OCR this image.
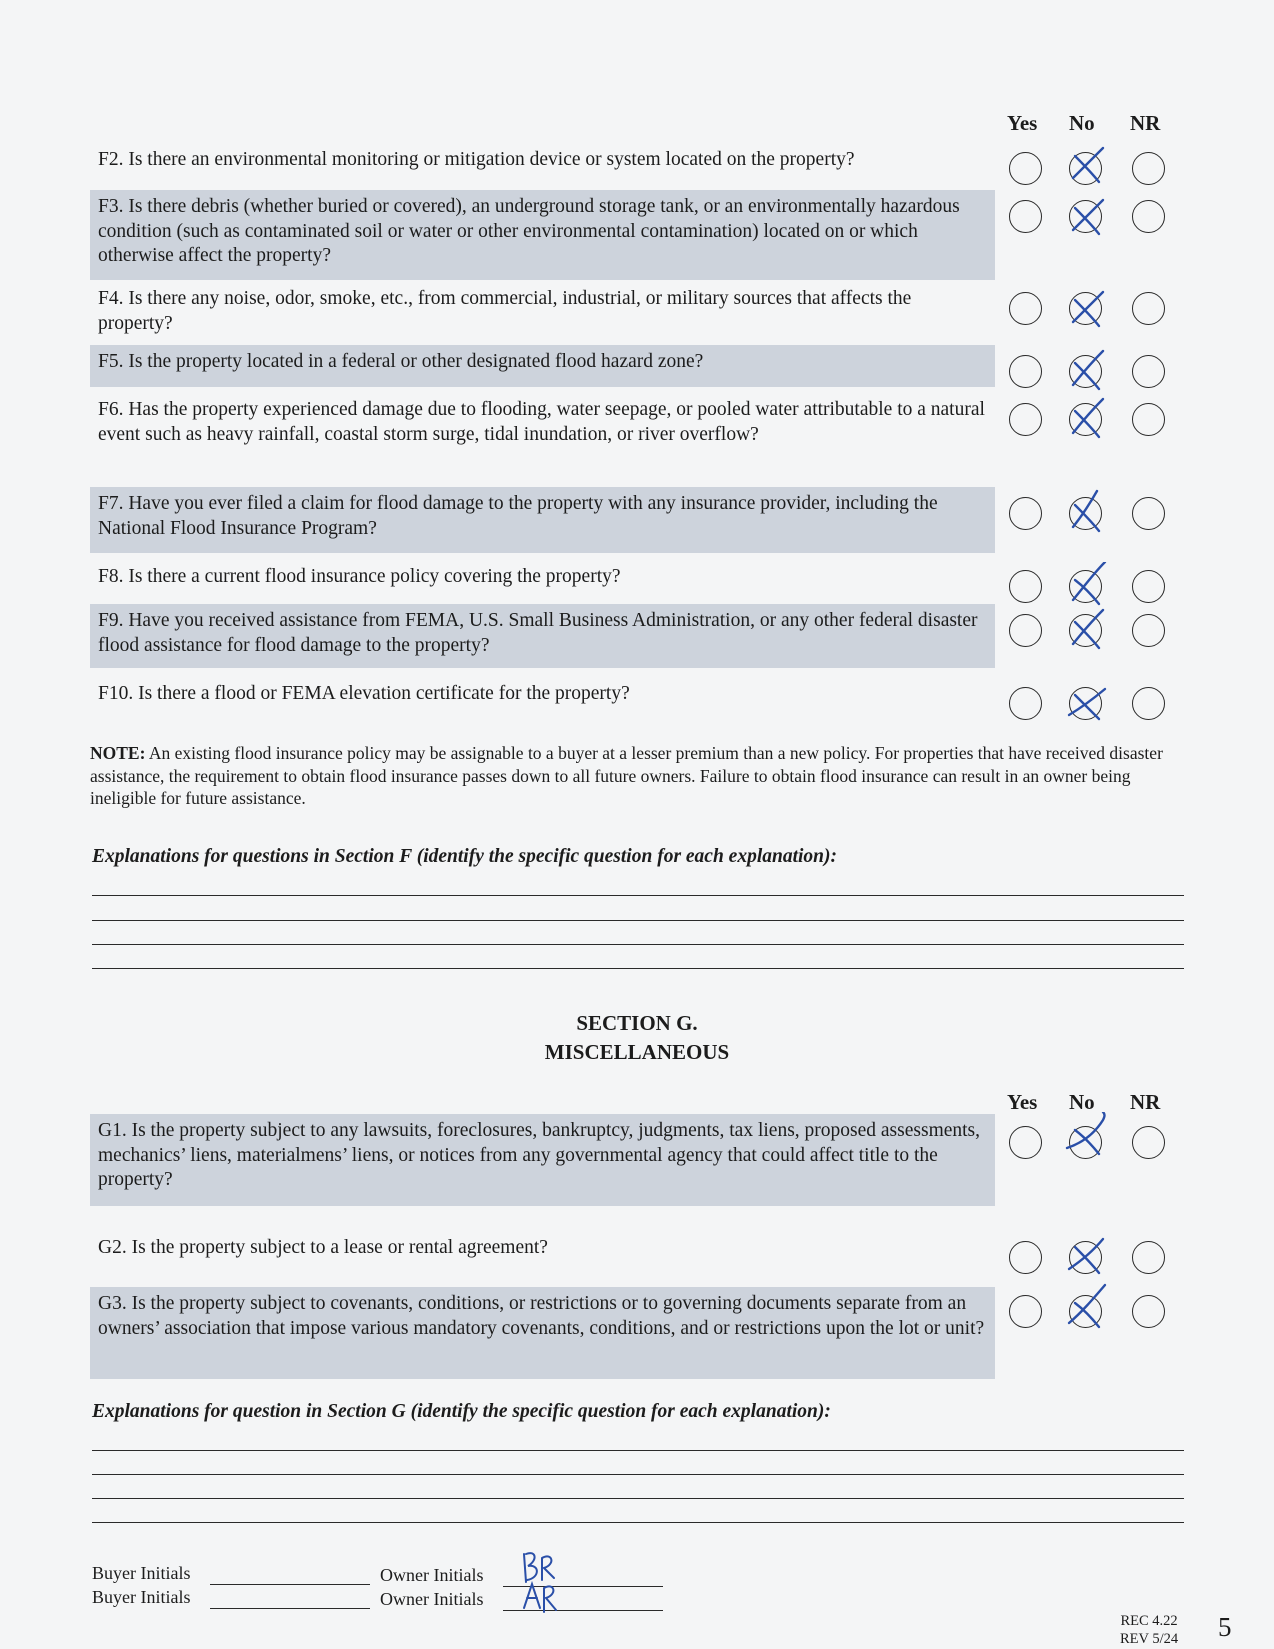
Yes No NR
F2. Is there an environmental monitoring or mitigation device or system located on the property?
F3. Is there debris (whether buried or covered), an underground storage tank, or an environmentally hazardous condition (such as contaminated soil or water or other environmental contamination) located on or which otherwise affect the property?
F4. Is there any noise, odor, smoke, etc., from commercial, industrial, or military sources that affects the property?
F5. Is the property located in a federal or other designated flood hazard zone?
F6. Has the property experienced damage due to flooding, water seepage, or pooled water attributable to a natural event such as heavy rainfall, coastal storm surge, tidal inundation, or river overflow?
F7. Have you ever filed a claim for flood damage to the property with any insurance provider, including the National Flood Insurance Program?
F8. Is there a current flood insurance policy covering the property?
F9. Have you received assistance from FEMA, U.S. Small Business Administration, or any other federal disaster flood assistance for flood damage to the property?
F10. Is there a flood or FEMA elevation certificate for the property?
NOTE: An existing flood insurance policy may be assignable to a buyer at a lesser premium than a new policy. For properties that have received disaster assistance, the requirement to obtain flood insurance passes down to all future owners. Failure to obtain flood insurance can result in an owner being ineligible for future assistance.
Explanations for questions in Section F (identify the specific question for each explanation):
SECTION G.
MISCELLANEOUS
Yes No NR
G1. Is the property subject to any lawsuits, foreclosures, bankruptcy, judgments, tax liens, proposed assessments, mechanics’ liens, materialmens’ liens, or notices from any governmental agency that could affect title to the property?
G2. Is the property subject to a lease or rental agreement?
G3. Is the property subject to covenants, conditions, or restrictions or to governing documents separate from an owners’ association that impose various mandatory covenants, conditions, and or restrictions upon the lot or unit?
Explanations for question in Section G (identify the specific question for each explanation):
Buyer Initials
Buyer Initials
Owner Initials
Owner Initials
REC 4.22
REV 5/24 5
